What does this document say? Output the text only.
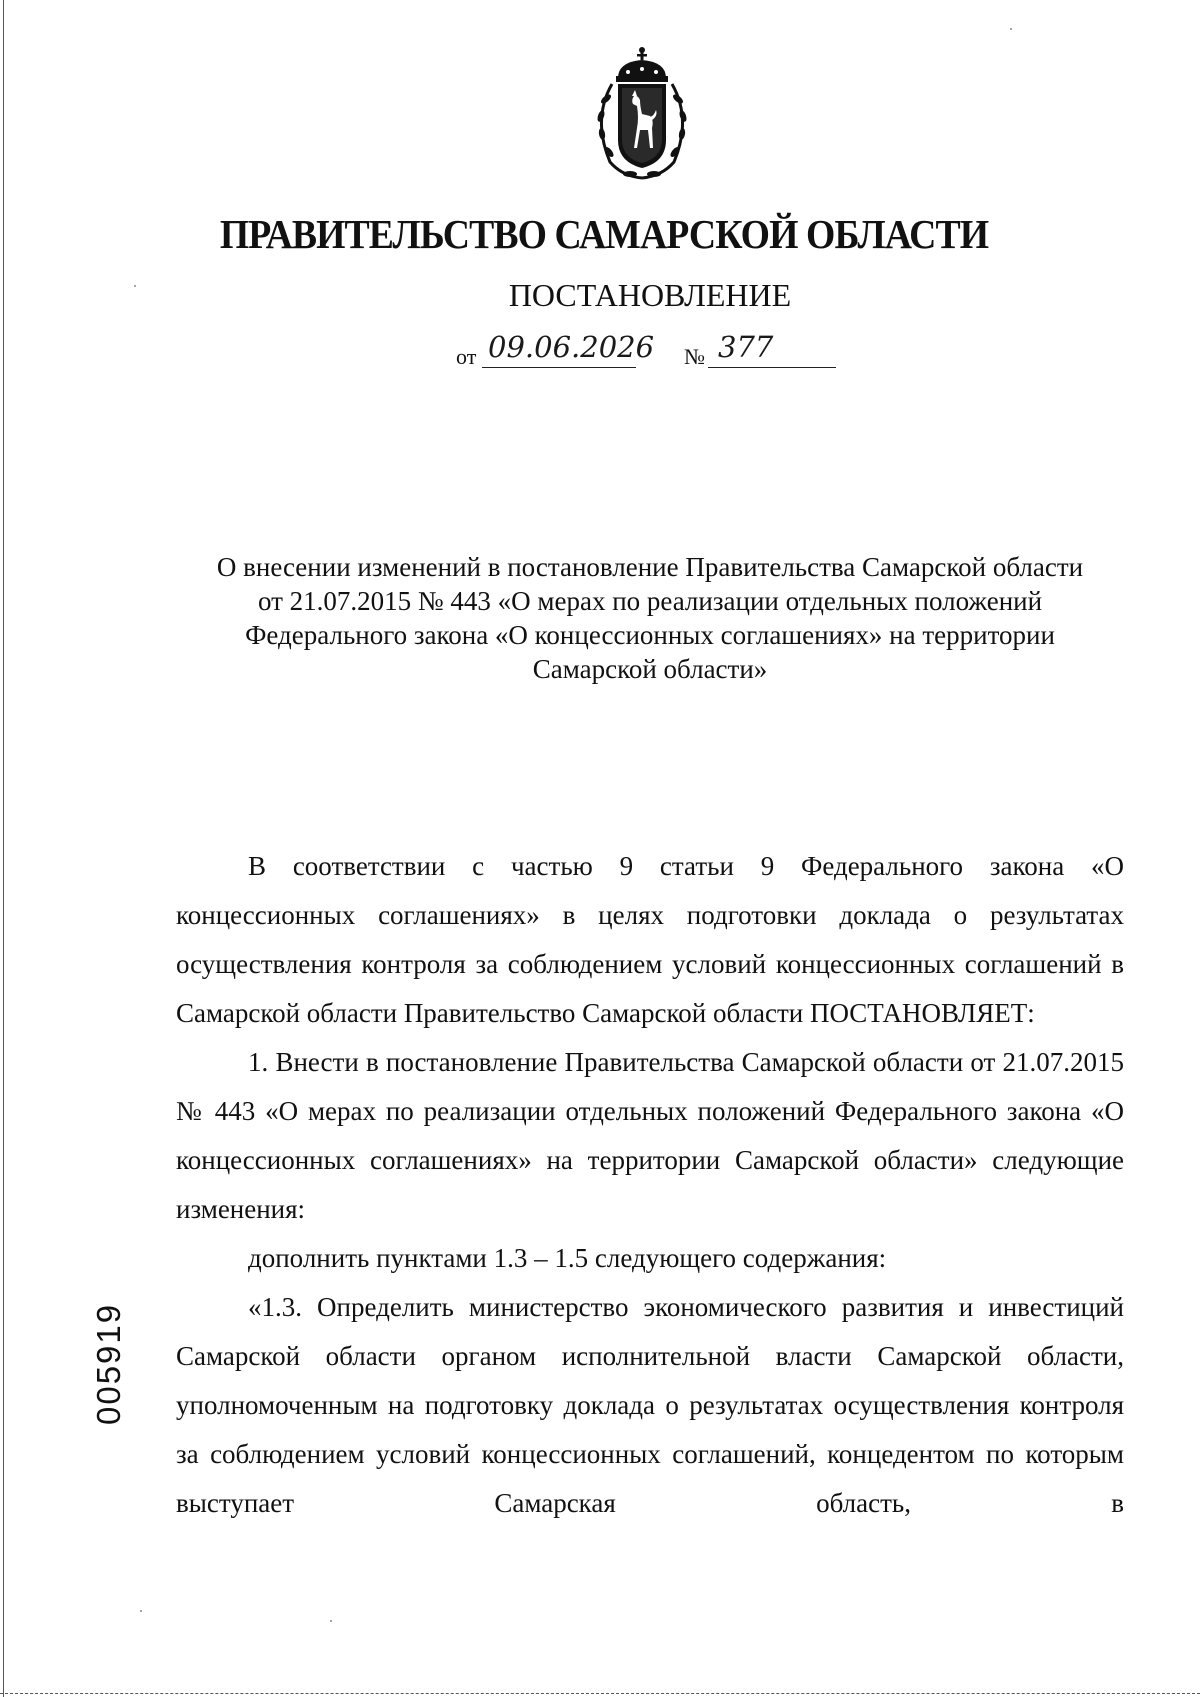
ПРАВИТЕЛЬСТВО САМАРСКОЙ ОБЛАСТИ
ПОСТАНОВЛЕНИЕ
от 09.06.2026 № 377
О внесении изменений в постановление Правительства Самарской области
от 21.07.2015 № 443 «О мерах по реализации отдельных положений
Федерального закона «О концессионных соглашениях» на территории
Самарской области»

В соответствии с частью 9 статьи 9 Федерального закона «О концессионных соглашениях» в целях подготовки доклада о результатах осуществления контроля за соблюдением условий концессионных соглашений в Самарской области Правительство Самарской области ПОСТАНОВЛЯЕТ:

1. Внести в постановление Правительства Самарской области от 21.07.2015 № 443 «О мерах по реализации отдельных положений Федерального закона «О концессионных соглашениях» на территории Самарской области» следующие изменения:

дополнить пунктами 1.3 – 1.5 следующего содержания:

«1.3. Определить министерство экономического развития и инвестиций Самарской области органом исполнительной власти Самарской области, уполномоченным на подготовку доклада о результатах осуществления контроля за соблюдением условий концессионных соглашений, концедентом по которым выступает Самарская область, в

005919
